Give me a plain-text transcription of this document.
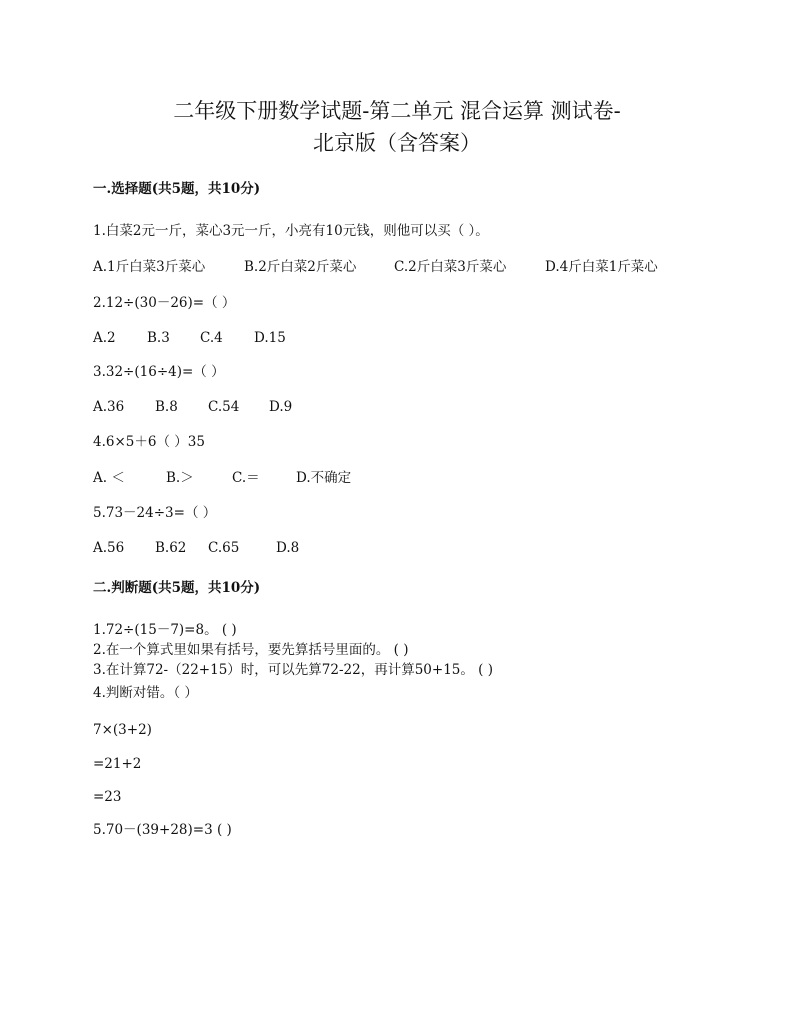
二年级下册数学试题-第二单元 混合运算 测试卷-
北京版（含答案）
一.选择题(共5题，共10分)
1.白菜2元一斤，菜心3元一斤，小亮有10元钱，则他可以买（ ）。
A.1斤白菜3斤菜心	B.2斤白菜2斤菜心	C.2斤白菜3斤菜心	D.4斤白菜1斤菜心
2.12÷(30－26)=（ ）
A.2 B.3 C.4 D.15
3.32÷(16÷4)=（ ）
A.36 B.8 C.54 D.9
4.6×5＋6（ ）35
A. ＜	B.＞	C.＝	D.不确定
5.73－24÷3=（ ）
A.56 B.62 C.65	D.8
二.判断题(共5题，共10分)
1.72÷(15－7)=8。 ( )
2.在一个算式里如果有括号，要先算括号里面的。 ( )
3.在计算72-（22+15）时，可以先算72-22，再计算50+15。 ( )
4.判断对错。（ ）
7×(3+2)
=21+2
=23
5.70－(39+28)=3 ( )
